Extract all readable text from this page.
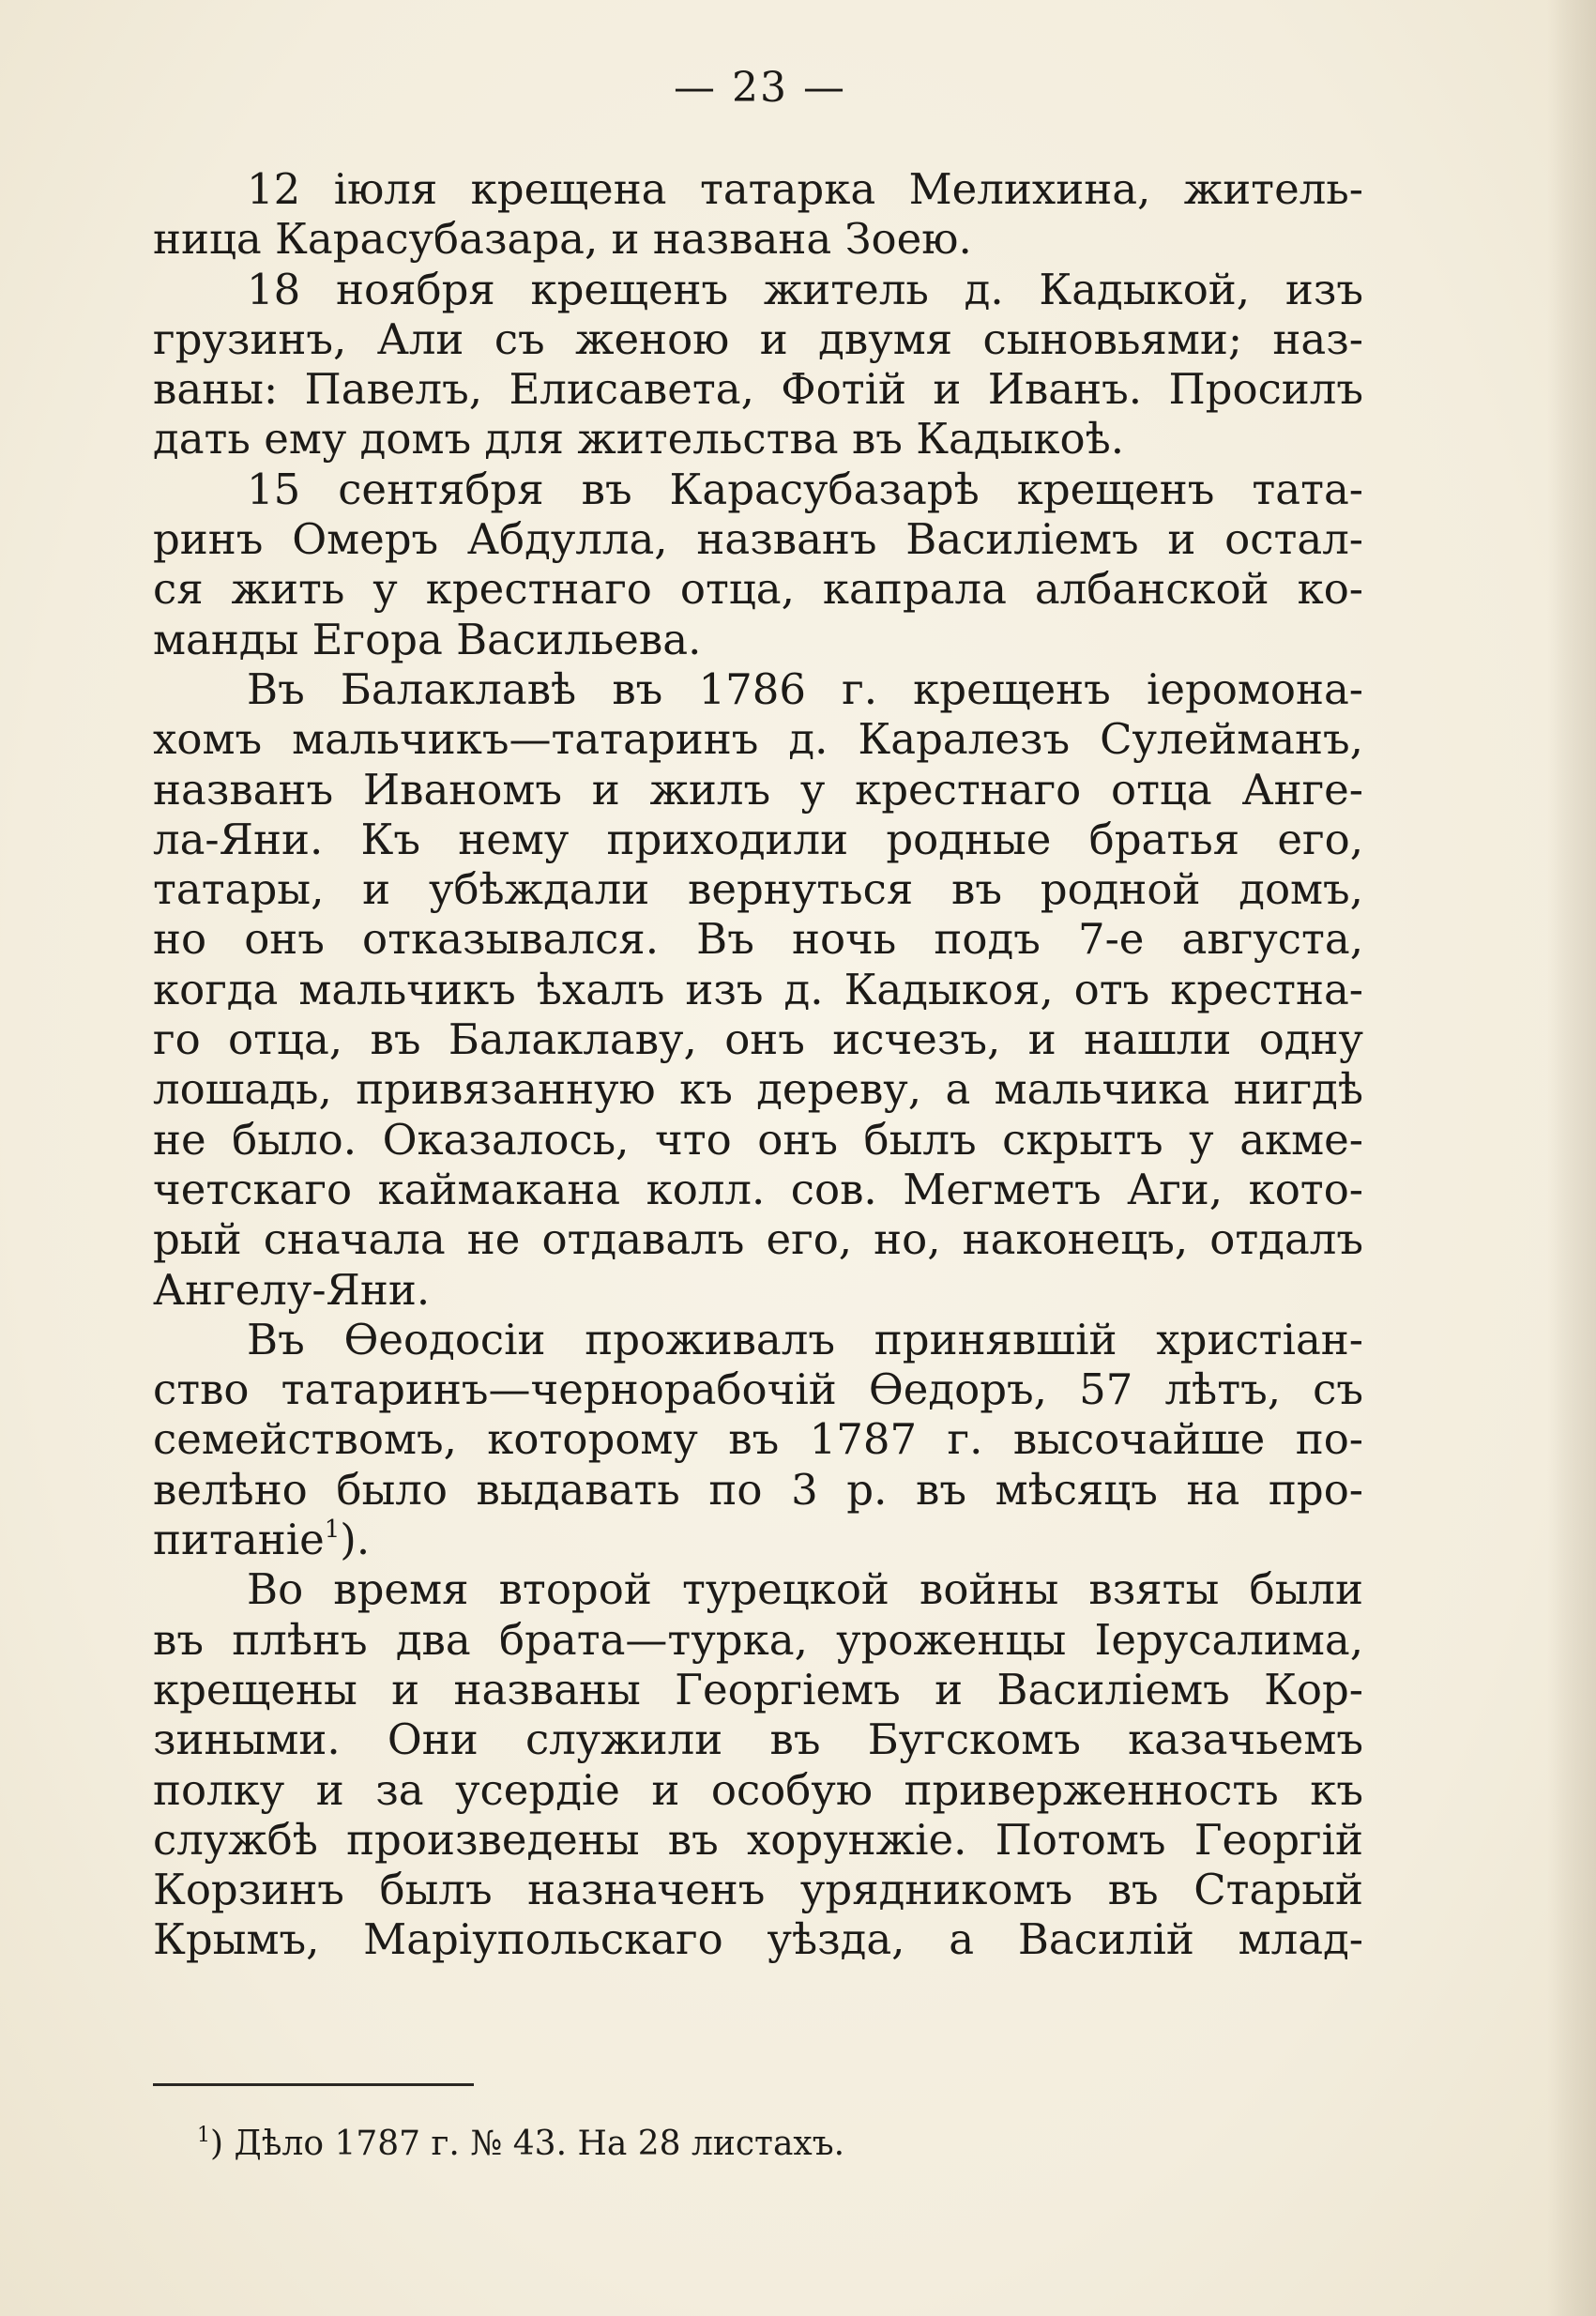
— 23 —
12 іюля крещена татарка Мелихина, житель-
ница Карасубазара, и названа Зоею.
18 ноября крещенъ житель д. Кадыкой, изъ
грузинъ, Али съ женою и двумя сыновьями; наз-
ваны: Павелъ, Елисавета, Фотій и Иванъ. Просилъ
дать ему домъ для жительства въ Кадыкоѣ.
15 сентября въ Карасубазарѣ крещенъ тата-
ринъ Омеръ Абдулла, названъ Василіемъ и остал-
ся жить у крестнаго отца, капрала албанской ко-
манды Егора Васильева.
Въ Балаклавѣ въ 1786 г. крещенъ іеромона-
хомъ мальчикъ—татаринъ д. Каралезъ Сулейманъ,
названъ Иваномъ и жилъ у крестнаго отца Анге-
ла-Яни. Къ нему приходили родные братья его,
татары, и убѣждали вернуться въ родной домъ,
но онъ отказывался. Въ ночь подъ 7-е августа,
когда мальчикъ ѣхалъ изъ д. Кадыкоя, отъ крестна-
го отца, въ Балаклаву, онъ исчезъ, и нашли одну
лошадь, привязанную къ дереву, а мальчика нигдѣ
не было. Оказалось, что онъ былъ скрытъ у акме-
четскаго каймакана колл. сов. Мегметъ Аги, кото-
рый сначала не отдавалъ его, но, наконецъ, отдалъ
Ангелу-Яни.
Въ Ѳеодосіи проживалъ принявшій христіан-
ство татаринъ—чернорабочій Ѳедоръ, 57 лѣтъ, съ
семействомъ, которому въ 1787 г. высочайше по-
велѣно было выдавать по 3 р. въ мѣсяцъ на про-
питаніе$^1$).
Во время второй турецкой войны взяты были
въ плѣнъ два брата—турка, уроженцы Іерусалима,
крещены и названы Георгіемъ и Василіемъ Кор-
зиными. Они служили въ Бугскомъ казачьемъ
полку и за усердіе и особую приверженность къ
службѣ произведены въ хорунжіе. Потомъ Георгій
Корзинъ былъ назначенъ урядникомъ въ Старый
Крымъ, Маріупольскаго уѣзда, а Василій млад-
$^1$) Дѣло 1787 г. № 43. На 28 листахъ.
